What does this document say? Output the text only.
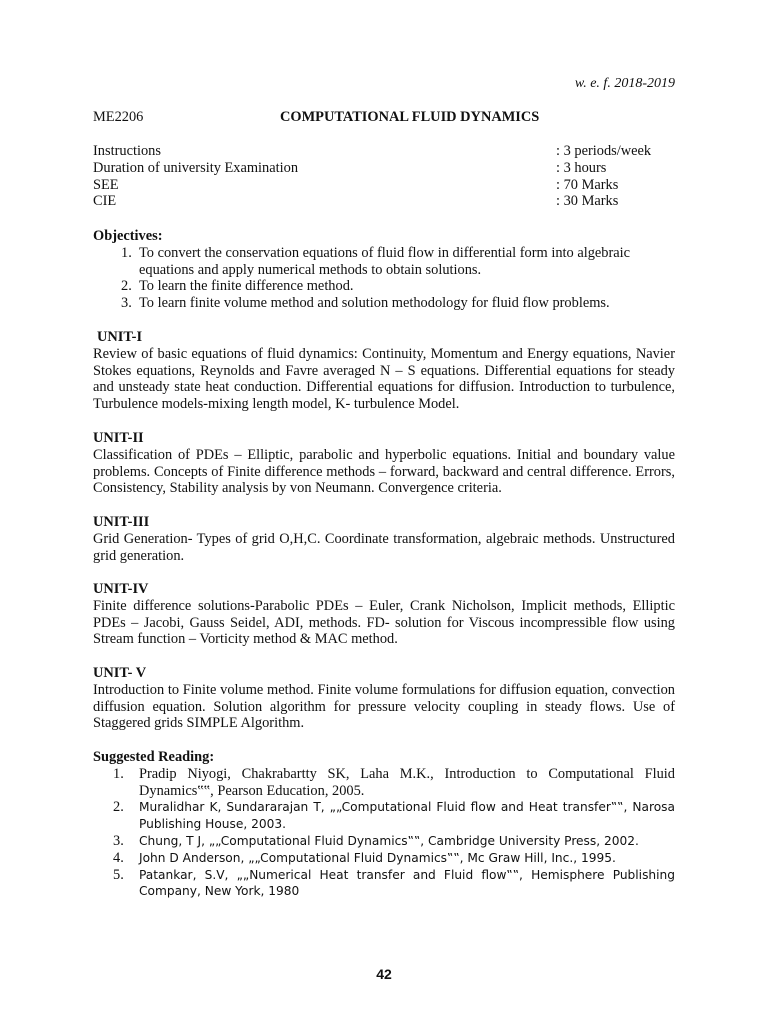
w. e. f. 2018-2019
ME2206	COMPUTATIONAL FLUID DYNAMICS
Instructions	: 3 periods/week
Duration of university Examination	: 3 hours
SEE	: 70 Marks
CIE	: 30 Marks
Objectives:
1. To convert the conservation equations of fluid flow in differential form into algebraic equations and apply numerical methods to obtain solutions.
2. To learn the finite difference method.
3. To learn finite volume method and solution methodology for fluid flow problems.
UNIT-I
Review of basic equations of fluid dynamics: Continuity, Momentum and Energy equations, Navier Stokes equations, Reynolds and Favre averaged N – S equations. Differential equations for steady and unsteady state heat conduction. Differential equations for diffusion. Introduction to turbulence, Turbulence models-mixing length model, K- turbulence Model.
UNIT-II
Classification of PDEs – Elliptic, parabolic and hyperbolic equations. Initial and boundary value problems. Concepts of Finite difference methods – forward, backward and central difference. Errors, Consistency, Stability analysis by von Neumann. Convergence criteria.
UNIT-III
Grid Generation- Types of grid O,H,C. Coordinate transformation, algebraic methods. Unstructured grid generation.
UNIT-IV
Finite difference solutions-Parabolic PDEs – Euler, Crank Nicholson, Implicit methods, Elliptic PDEs – Jacobi, Gauss Seidel, ADI, methods. FD- solution for Viscous incompressible flow using Stream function – Vorticity method & MAC method.
UNIT- V
Introduction to Finite volume method. Finite volume formulations for diffusion equation, convection diffusion equation. Solution algorithm for pressure velocity coupling in steady flows. Use of Staggered grids SIMPLE Algorithm.
Suggested Reading:
1. Pradip Niyogi, Chakrabartty SK, Laha M.K., Introduction to Computational Fluid Dynamics‟‟, Pearson Education, 2005.
2. Muralidhar K, Sundararajan T, „„Computational Fluid flow and Heat transfer‟‟, Narosa Publishing House, 2003.
3. Chung, T J, „„Computational Fluid Dynamics‟‟, Cambridge University Press, 2002.
4. John D Anderson, „„Computational Fluid Dynamics‟‟, Mc Graw Hill, Inc., 1995.
5. Patankar, S.V, „„Numerical Heat transfer and Fluid flow‟‟, Hemisphere Publishing Company, New York, 1980
42
